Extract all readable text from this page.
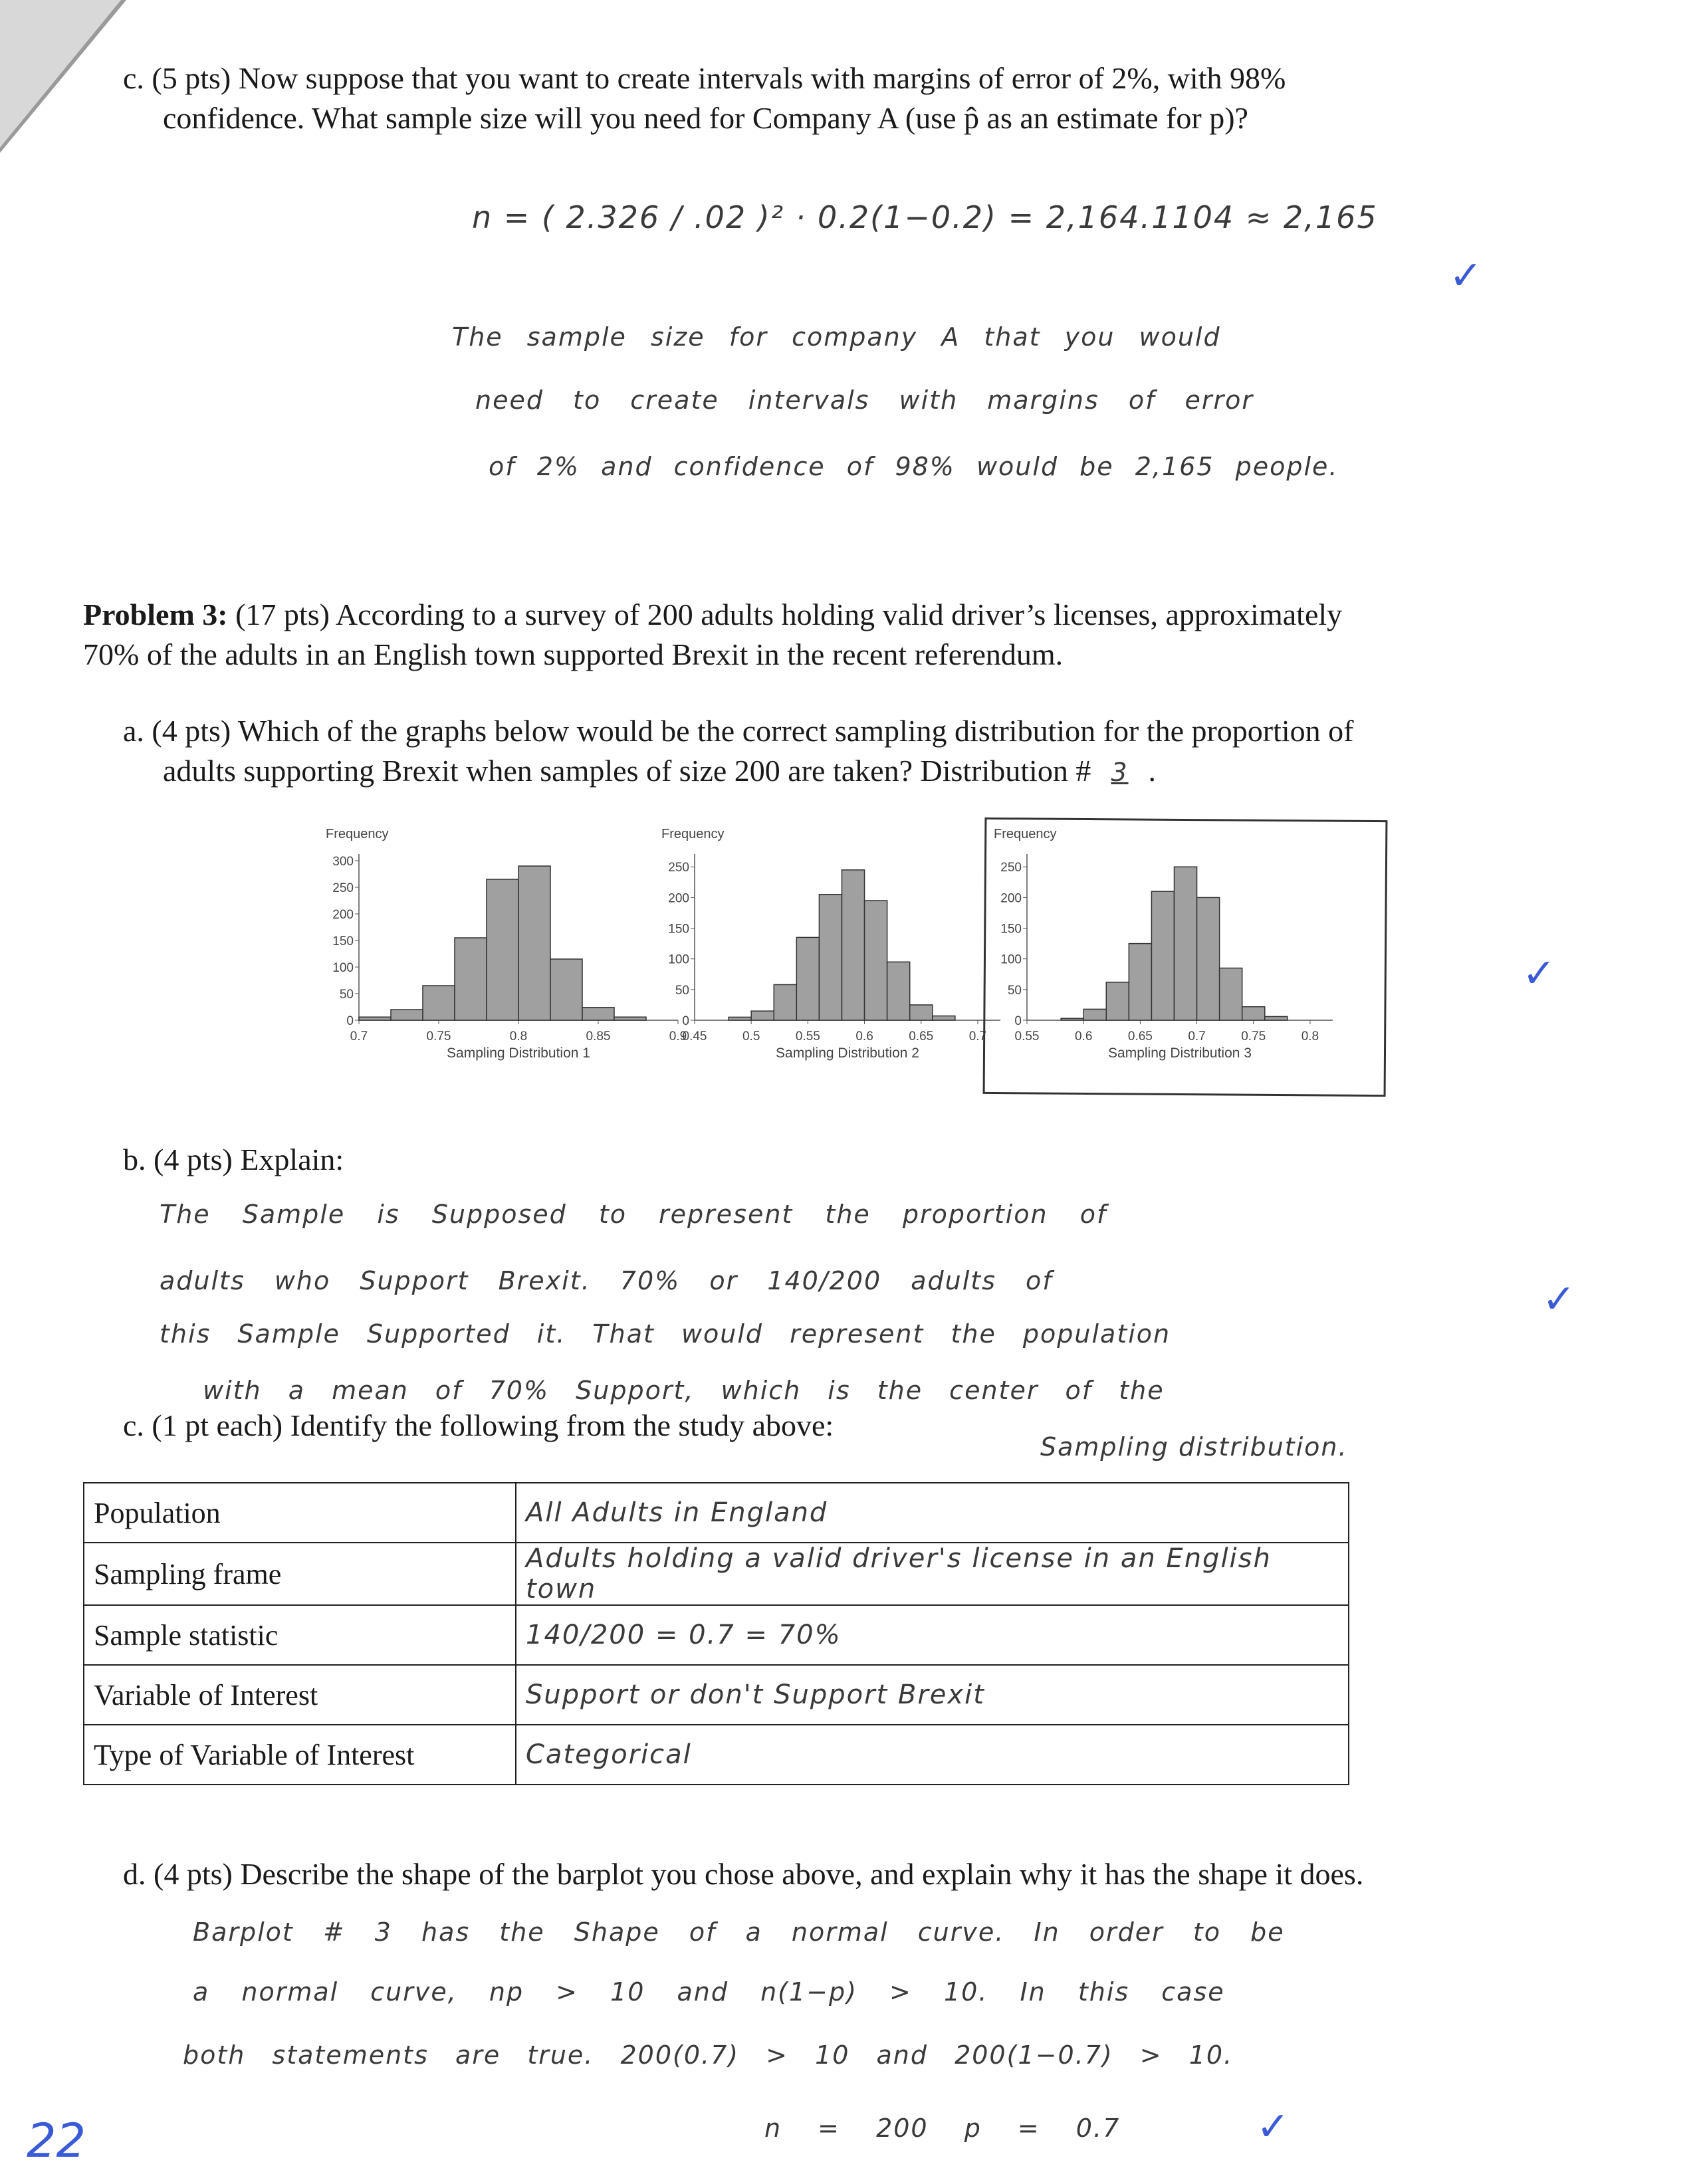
c. (5 pts) Now suppose that you want to create intervals with margins of error of 2%, with 98%
confidence. What sample size will you need for Company A (use p̂ as an estimate for p)?
n = ( 2.326 / .02 )² · 0.2(1−0.2) = 2,164.1104 ≈ 2,165
✓
The sample size for company A that you would
need to create intervals with margins of error
of 2% and confidence of 98% would be 2,165 people.
Problem 3: (17 pts) According to a survey of 200 adults holding valid driver’s licenses, approximately
70% of the adults in an English town supported Brexit in the recent referendum.
a. (4 pts) Which of the graphs below would be the correct sampling distribution for the proportion of
adults supporting Brexit when samples of size 200 are taken? Distribution # 3 .
Frequency
0
50
100
150
200
250
300
0.7	0.75	0.8	0.85	0.9
Sampling Distribution 1
Frequency
0
50
100
150
200
250
0.45	0.5	0.55	0.6	0.65	0.7
Sampling Distribution 2
Frequency
0
50
100
150
200
250
0.55	0.6	0.65	0.7	0.75	0.8
Sampling Distribution 3
✓
b. (4 pts) Explain:
The Sample is Supposed to represent the proportion of
adults who Support Brexit. 70% or 140/200 adults of	✓
this Sample Supported it. That would represent the population
with a mean of 70% Support, which is the center of the
Sampling distribution.
c. (1 pt each) Identify the following from the study above:
Population	All Adults in England
Sampling frame	Adults holding a valid driver's license in an English town
Sample statistic	140/200 = 0.7 = 70%
Variable of Interest	Support or don't Support Brexit
Type of Variable of Interest	Categorical
d. (4 pts) Describe the shape of the barplot you chose above, and explain why it has the shape it does.
Barplot # 3 has the Shape of a normal curve. In order to be
a normal curve, np > 10 and n(1−p) > 10. In this case
both statements are true. 200(0.7) > 10 and 200(1−0.7) > 10.
n = 200 p = 0.7	✓
22
